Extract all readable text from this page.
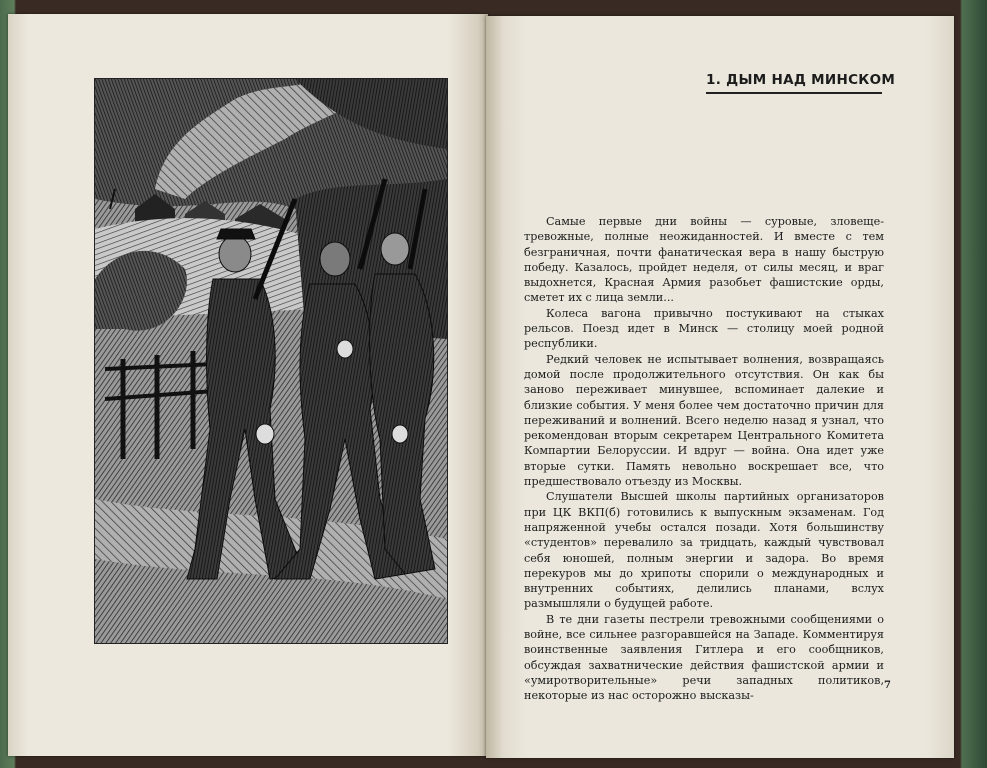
1. ДЫМ НАД МИНСКОМ

Самые первые дни войны — суровые, зловеще-тревожные, полные неожиданностей. И вместе с тем безграничная, почти фанатическая вера в нашу быструю победу. Казалось, пройдет неделя, от силы месяц, и враг выдохнется, Красная Армия разобьет фашистские орды, сметет их с лица земли...

Колеса вагона привычно постукивают на стыках рельсов. Поезд идет в Минск — столицу моей родной республики.

Редкий человек не испытывает волнения, возвращаясь домой после продолжительного отсутствия. Он как бы заново переживает минувшее, вспоминает далекие и близкие события. У меня более чем достаточно причин для переживаний и волнений. Всего неделю назад я узнал, что рекомендован вторым секретарем Центрального Комитета Компартии Белоруссии. И вдруг — война. Она идет уже вторые сутки. Память невольно воскрешает все, что предшествовало отъезду из Москвы.

Слушатели Высшей школы партийных организаторов при ЦК ВКП(б) готовились к выпускным экзаменам. Год напряженной учебы остался позади. Хотя большинству «студентов» перевалило за тридцать, каждый чувствовал себя юношей, полным энергии и задора. Во время перекуров мы до хрипоты спорили о международных и внутренних событиях, делились планами, вслух размышляли о будущей работе.

В те дни газеты пестрели тревожными сообщениями о войне, все сильнее разгоравшейся на Западе. Комментируя воинственные заявления Гитлера и его сообщников, обсуждая захватнические действия фашистской армии и «умиротворительные» речи западных политиков, некоторые из нас осторожно высказы-

7
